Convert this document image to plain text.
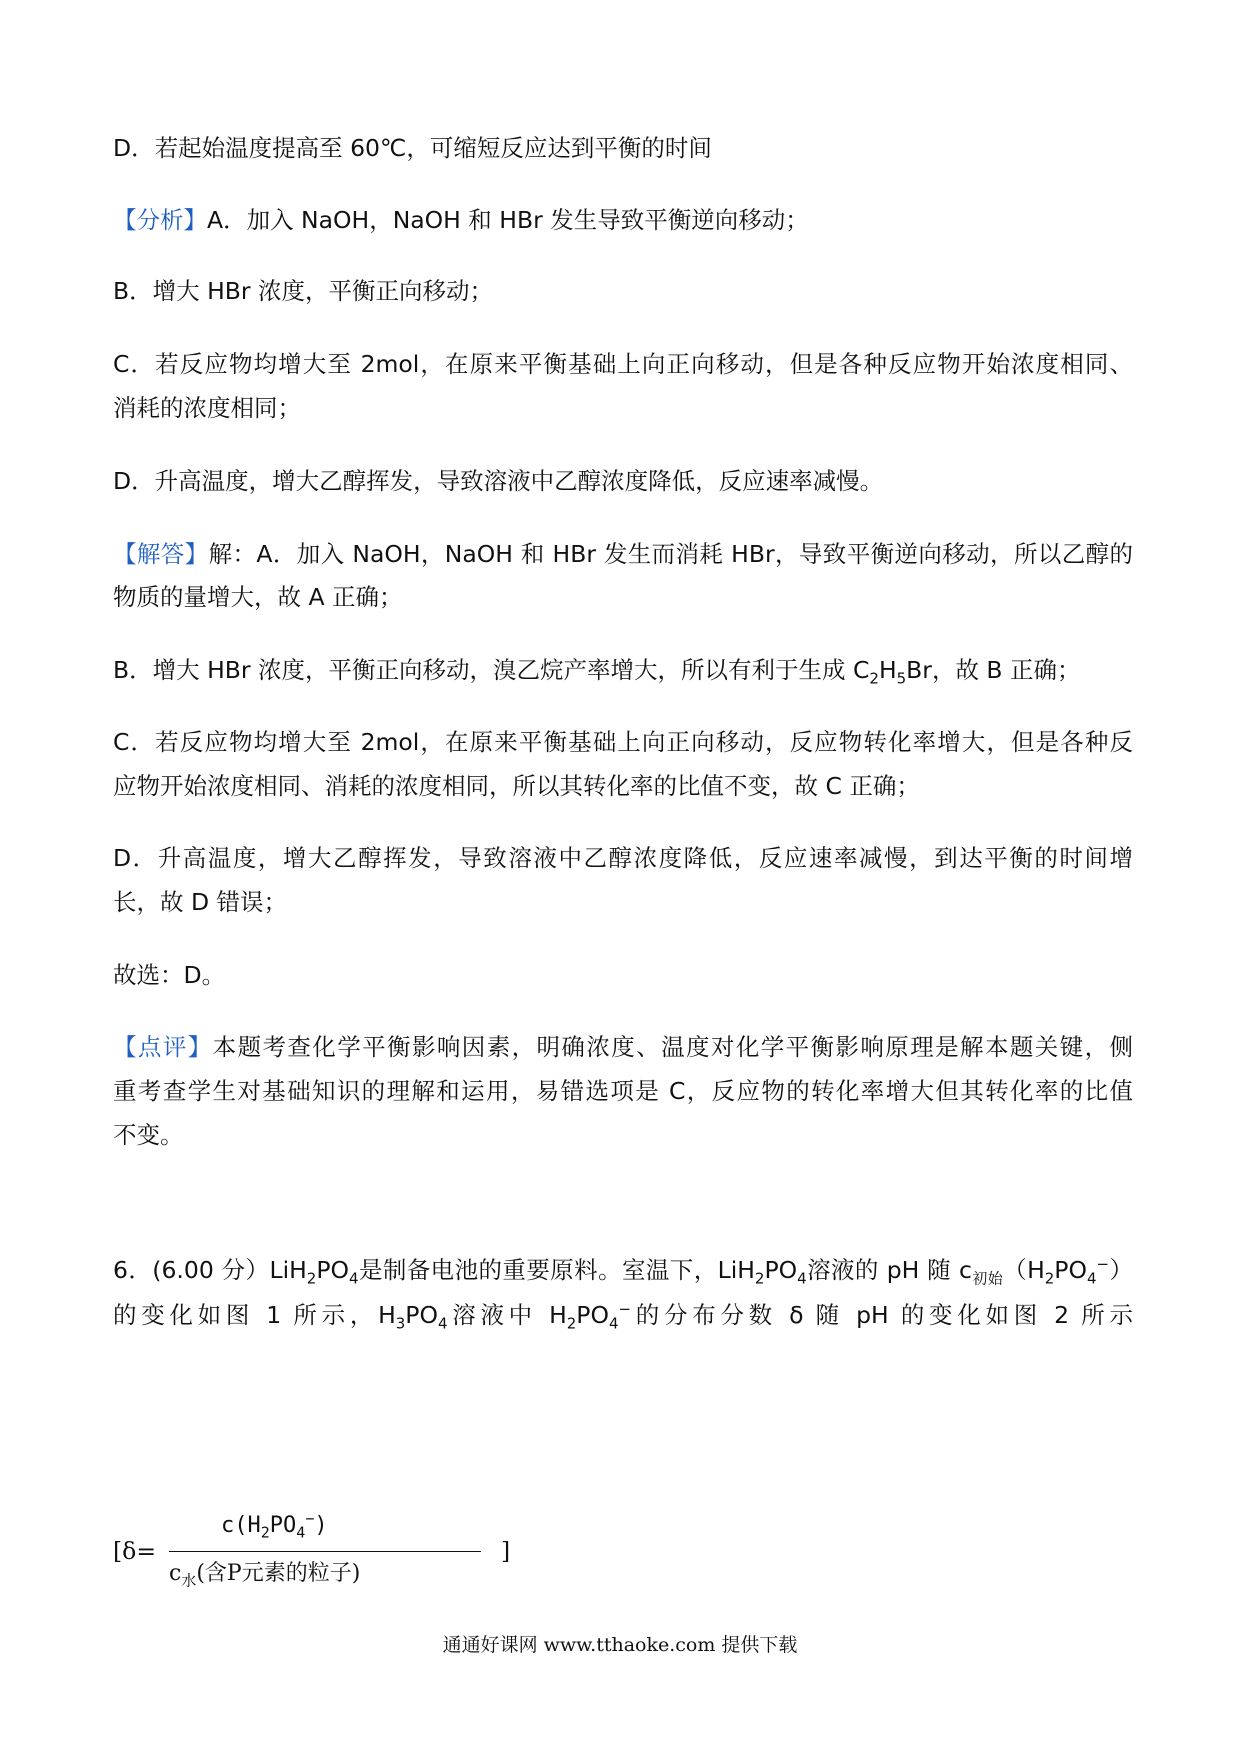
D．若起始温度提高至 60℃，可缩短反应达到平衡的时间
【分析】A．加入 NaOH，NaOH 和 HBr 发生导致平衡逆向移动；
B．增大 HBr 浓度，平衡正向移动；
C．若反应物均增大至 2mol，在原来平衡基础上向正向移动，但是各种反应物开始浓度相同、
消耗的浓度相同；
D．升高温度，增大乙醇挥发，导致溶液中乙醇浓度降低，反应速率减慢。
【解答】解：A．加入 NaOH，NaOH 和 HBr 发生而消耗 HBr，导致平衡逆向移动，所以乙醇的
物质的量增大，故 A 正确；
B．增大 HBr 浓度，平衡正向移动，溴乙烷产率增大，所以有利于生成 $C_2H_5Br$，故 B 正确；
C．若反应物均增大至 2mol，在原来平衡基础上向正向移动，反应物转化率增大，但是各种反
应物开始浓度相同、消耗的浓度相同，所以其转化率的比值不变，故 C 正确；
D．升高温度，增大乙醇挥发，导致溶液中乙醇浓度降低，反应速率减慢，到达平衡的时间增
长，故 D 错误；
故选：D。
【点评】本题考查化学平衡影响因素，明确浓度、温度对化学平衡影响原理是解本题关键，侧
重考查学生对基础知识的理解和运用，易错选项是 C，反应物的转化率增大但其转化率的比值
不变。
6．(6.00 分）$LiH_2PO_4$是制备电池的重要原料。室温下，$LiH_2PO_4$溶液的 pH 随 $c_{初始}(H_2PO_4^-)$
的变化如图 1 所示，$H_3PO_4$溶液中 $H_2PO_4^-$的分布分数 δ 随 pH 的变化如图 2 所示
[δ=
$c(H_2PO_4^-)$
$c_水$(含P元素的粒子)
]
通通好课网 www.tthaoke.com 提供下载
